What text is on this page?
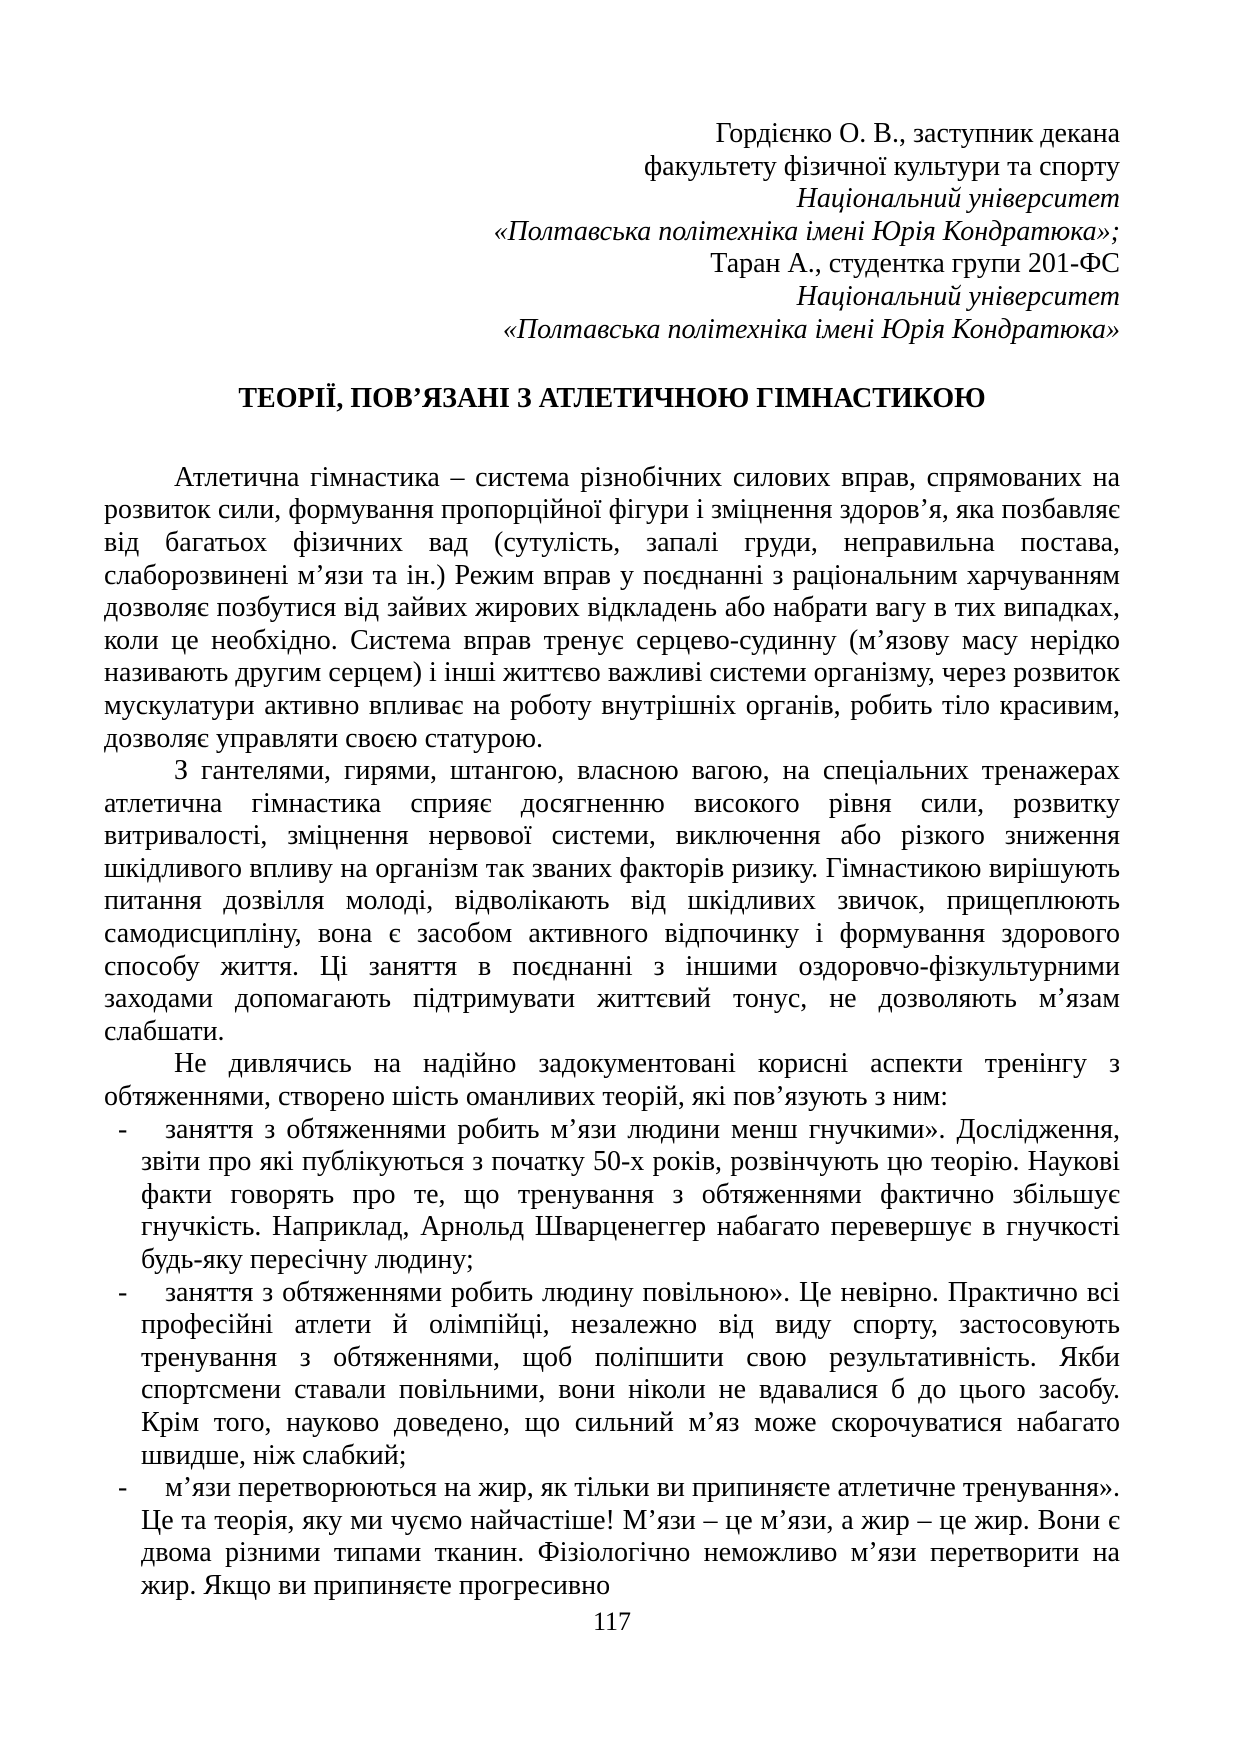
Гордієнко О. В., заступник декана
факультету фізичної культури та спорту
Національний університет
«Полтавська політехніка імені Юрія Кондратюка»;
Таран А., студентка групи 201-ФС
Національний університет
«Полтавська політехніка імені Юрія Кондратюка»
ТЕОРІЇ, ПОВ’ЯЗАНІ З АТЛЕТИЧНОЮ ГІМНАСТИКОЮ

Атлетична гімнастика – система різнобічних силових вправ, спрямованих на розвиток сили, формування пропорційної фігури і зміцнення здоров’я, яка позбавляє від багатьох фізичних вад (сутулість, запалі груди, неправильна постава, слаборозвинені м’язи та ін.) Режим вправ у поєднанні з раціональним харчуванням дозволяє позбутися від зайвих жирових відкладень або набрати вагу в тих випадках, коли це необхідно. Система вправ тренує серцево-судинну (м’язову масу нерідко називають другим серцем) і інші життєво важливі системи організму, через розвиток мускулатури активно впливає на роботу внутрішніх органів, робить тіло красивим, дозволяє управляти своєю статурою.

З гантелями, гирями, штангою, власною вагою, на спеціальних тренажерах атлетична гімнастика сприяє досягненню високого рівня сили, розвитку витривалості, зміцнення нервової системи, виключення або різкого зниження шкідливого впливу на організм так званих факторів ризику. Гімнастикою вирішують питання дозвілля молоді, відволікають від шкідливих звичок, прищеплюють самодисципліну, вона є засобом активного відпочинку і формування здорового способу життя. Ці заняття в поєднанні з іншими оздоровчо-фізкультурними заходами допомагають підтримувати життєвий тонус, не дозволяють м’язам слабшати.

Не дивлячись на надійно задокументовані корисні аспекти тренінгу з обтяженнями, створено шість оманливих теорій, які пов’язують з ним:

- заняття з обтяженнями робить м’язи людини менш гнучкими». Дослідження, звіти про які публікуються з початку 50-х років, розвінчують цю теорію. Наукові факти говорять про те, що тренування з обтяженнями фактично збільшує гнучкість. Наприклад, Арнольд Шварценеггер набагато перевершує в гнучкості будь-яку пересічну людину;
- заняття з обтяженнями робить людину повільною». Це невірно. Практично всі професійні атлети й олімпійці, незалежно від виду спорту, застосовують тренування з обтяженнями, щоб поліпшити свою результативність. Якби спортсмени ставали повільними, вони ніколи не вдавалися б до цього засобу. Крім того, науково доведено, що сильний м’яз може скорочуватися набагато швидше, ніж слабкий;
- м’язи перетворюються на жир, як тільки ви припиняєте атлетичне тренування». Це та теорія, яку ми чуємо найчастіше! М’язи – це м’язи, а жир – це жир. Вони є двома різними типами тканин. Фізіологічно неможливо м’язи перетворити на жир. Якщо ви припиняєте прогресивно
117
